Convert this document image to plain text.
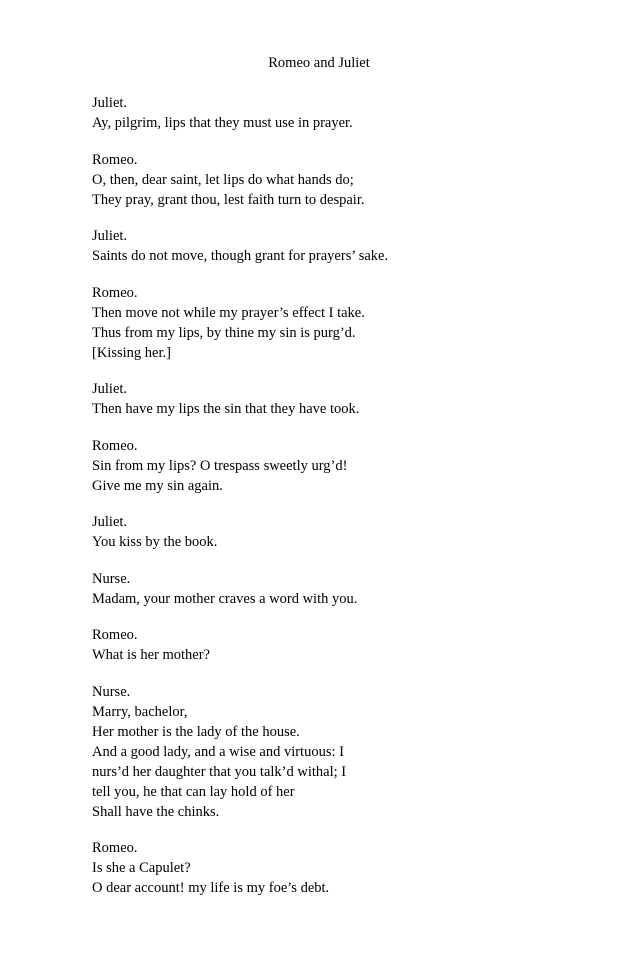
Romeo and Juliet
Juliet.
Ay, pilgrim, lips that they must use in prayer.
Romeo.
O, then, dear saint, let lips do what hands do;
They pray, grant thou, lest faith turn to despair.
Juliet.
Saints do not move, though grant for prayers’ sake.
Romeo.
Then move not while my prayer’s effect I take.
Thus from my lips, by thine my sin is purg’d.
[Kissing her.]
Juliet.
Then have my lips the sin that they have took.
Romeo.
Sin from my lips? O trespass sweetly urg’d!
Give me my sin again.
Juliet.
You kiss by the book.
Nurse.
Madam, your mother craves a word with you.
Romeo.
What is her mother?
Nurse.
Marry, bachelor,
Her mother is the lady of the house.
And a good lady, and a wise and virtuous: I
nurs’d her daughter that you talk’d withal; I
tell you, he that can lay hold of her
Shall have the chinks.
Romeo.
Is she a Capulet?
O dear account! my life is my foe’s debt.
